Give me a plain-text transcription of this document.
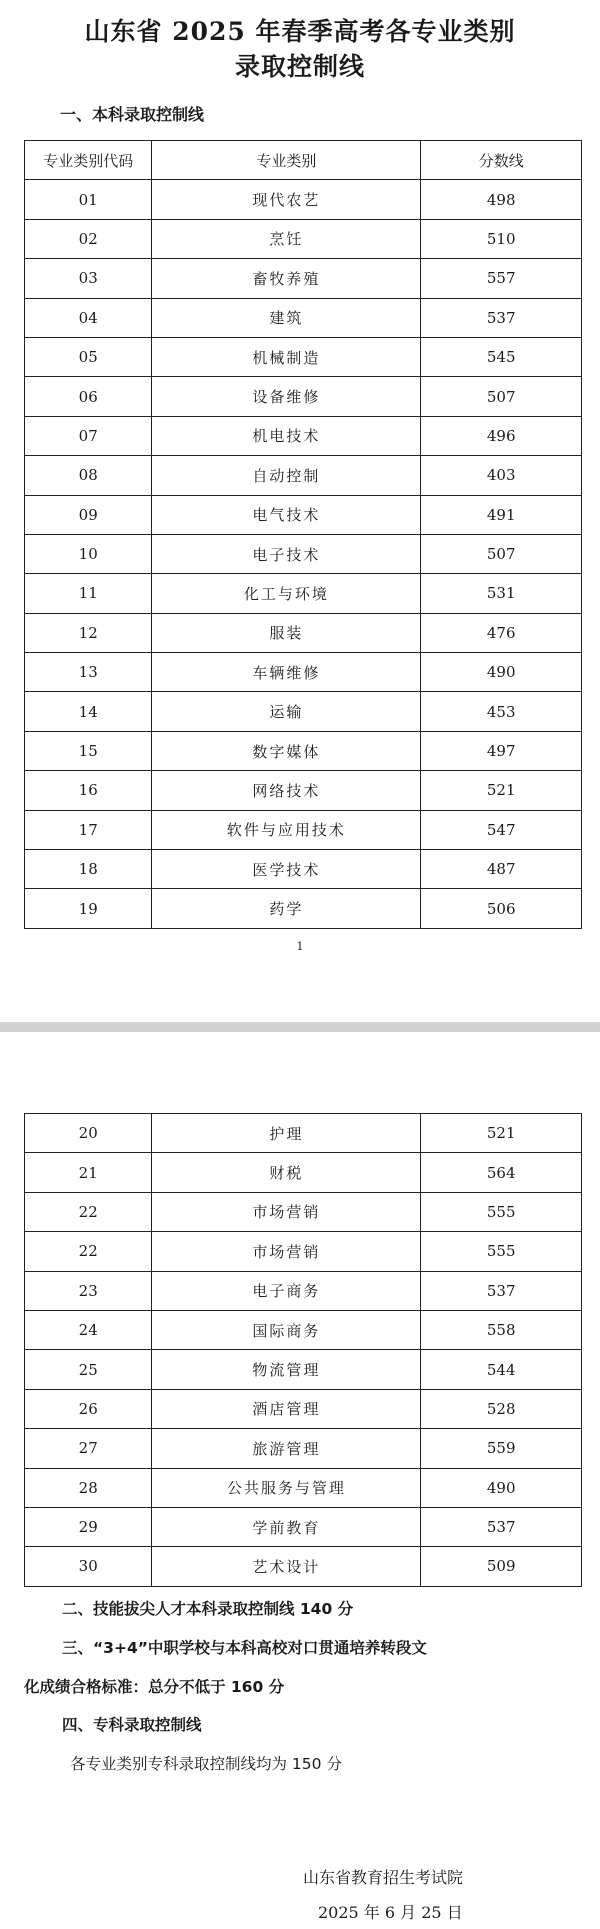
山东省 2025 年春季高考各专业类别
录取控制线
一、本科录取控制线
专业类别代码	专业类别	分数线
01	现代农艺	498
02	烹饪	510
03	畜牧养殖	557
04	建筑	537
05	机械制造	545
06	设备维修	507
07	机电技术	496
08	自动控制	403
09	电气技术	491
10	电子技术	507
11	化工与环境	531
12	服装	476
13	车辆维修	490
14	运输	453
15	数字媒体	497
16	网络技术	521
17	软件与应用技术	547
18	医学技术	487
19	药学	506
1
20	护理	521
21	财税	564
22	市场营销	555
22	市场营销	555
23	电子商务	537
24	国际商务	558
25	物流管理	544
26	酒店管理	528
27	旅游管理	559
28	公共服务与管理	490
29	学前教育	537
30	艺术设计	509
二、技能拔尖人才本科录取控制线 140 分
三、“3+4”中职学校与本科高校对口贯通培养转段文
化成绩合格标准：总分不低于 160 分
四、专科录取控制线
各专业类别专科录取控制线均为 150 分
山东省教育招生考试院
2025 年 6 月 25 日
